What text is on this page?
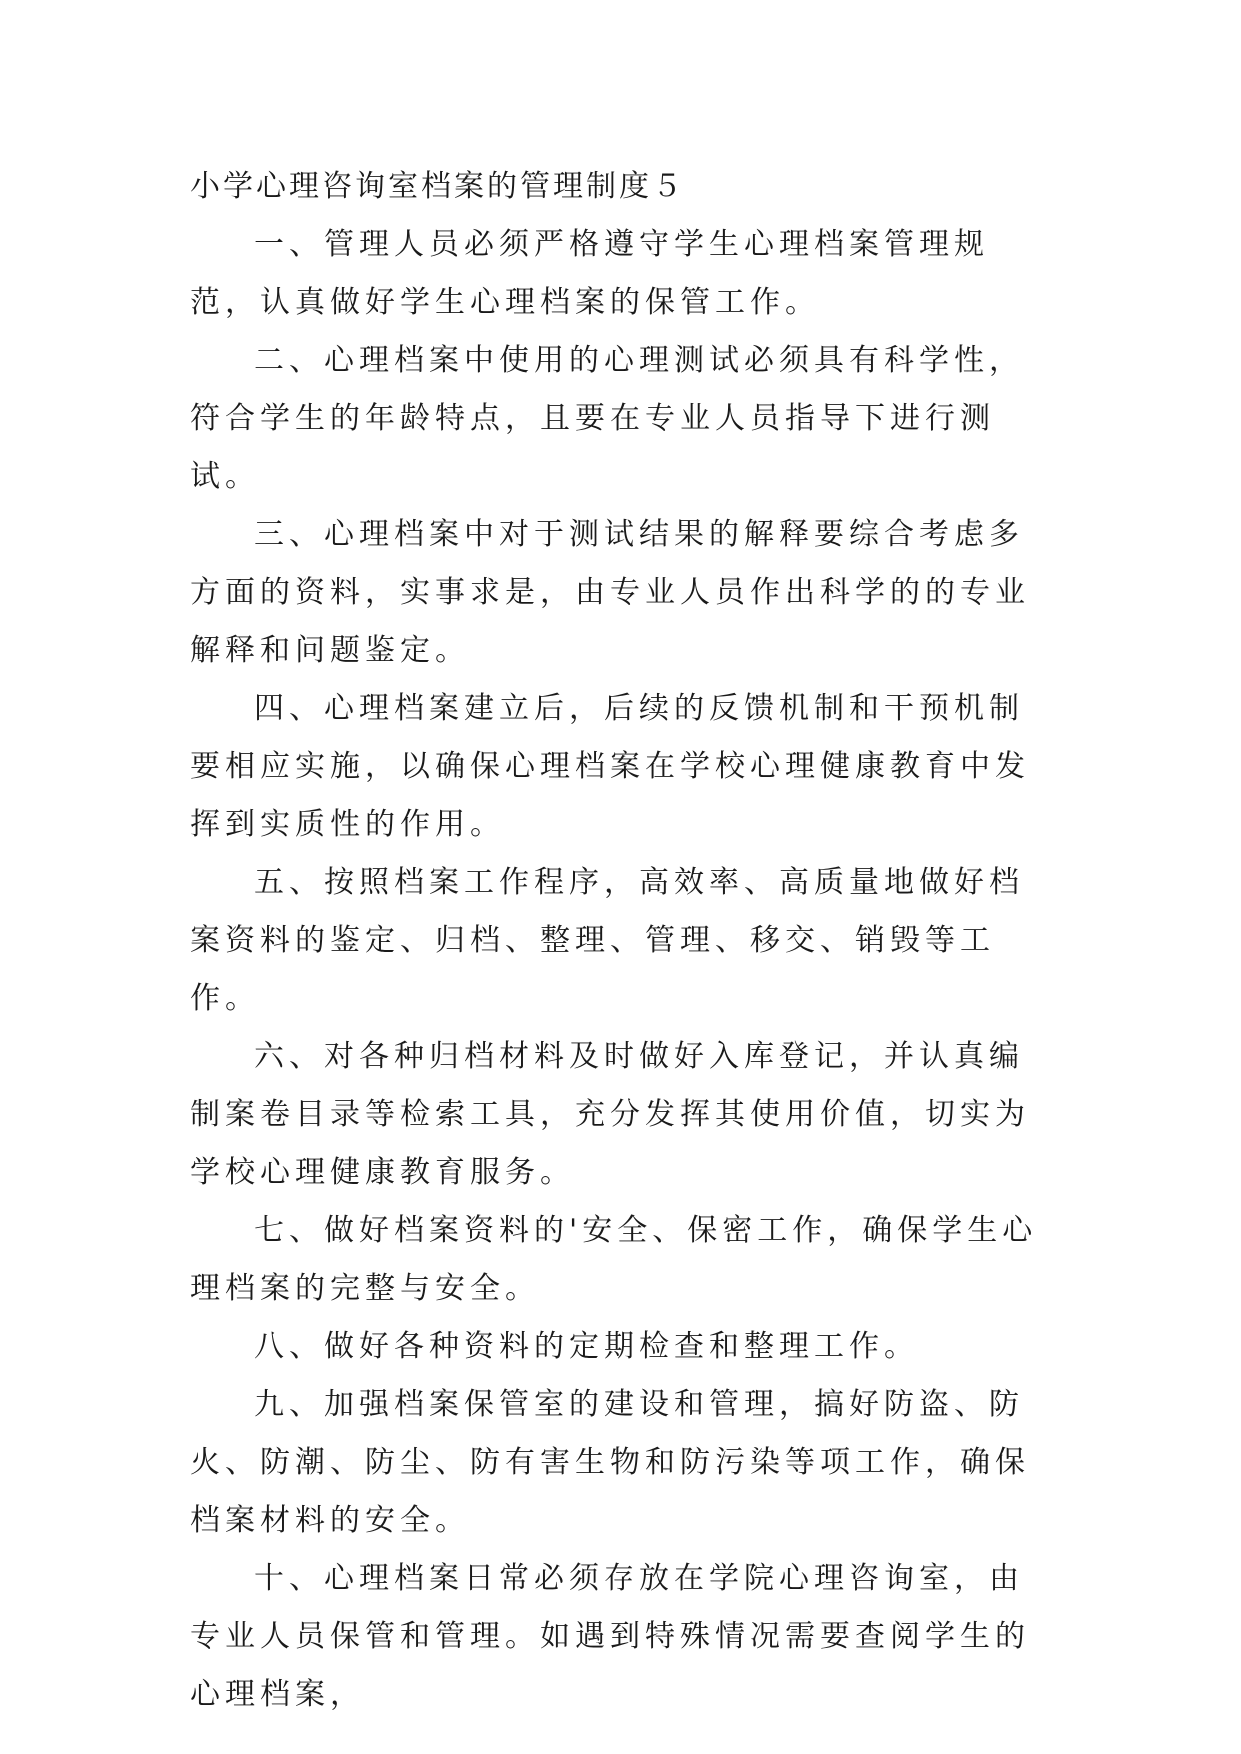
小学心理咨询室档案的管理制度５

一、管理人员必须严格遵守学生心理档案管理规范，认真做好学生心理档案的保管工作。

二、心理档案中使用的心理测试必须具有科学性，符合学生的年龄特点，且要在专业人员指导下进行测试。

三、心理档案中对于测试结果的解释要综合考虑多方面的资料，实事求是，由专业人员作出科学的的专业解释和问题鉴定。

四、心理档案建立后，后续的反馈机制和干预机制要相应实施，以确保心理档案在学校心理健康教育中发挥到实质性的作用。

五、按照档案工作程序，高效率、高质量地做好档案资料的鉴定、归档、整理、管理、移交、销毁等工作。

六、对各种归档材料及时做好入库登记，并认真编制案卷目录等检索工具，充分发挥其使用价值，切实为学校心理健康教育服务。

七、做好档案资料的'安全、保密工作，确保学生心理档案的完整与安全。

八、做好各种资料的定期检查和整理工作。

九、加强档案保管室的建设和管理，搞好防盗、防火、防潮、防尘、防有害生物和防污染等项工作，确保档案材料的安全。

十、心理档案日常必须存放在学院心理咨询室，由专业人员保管和管理。如遇到特殊情况需要查阅学生的心理档案，
